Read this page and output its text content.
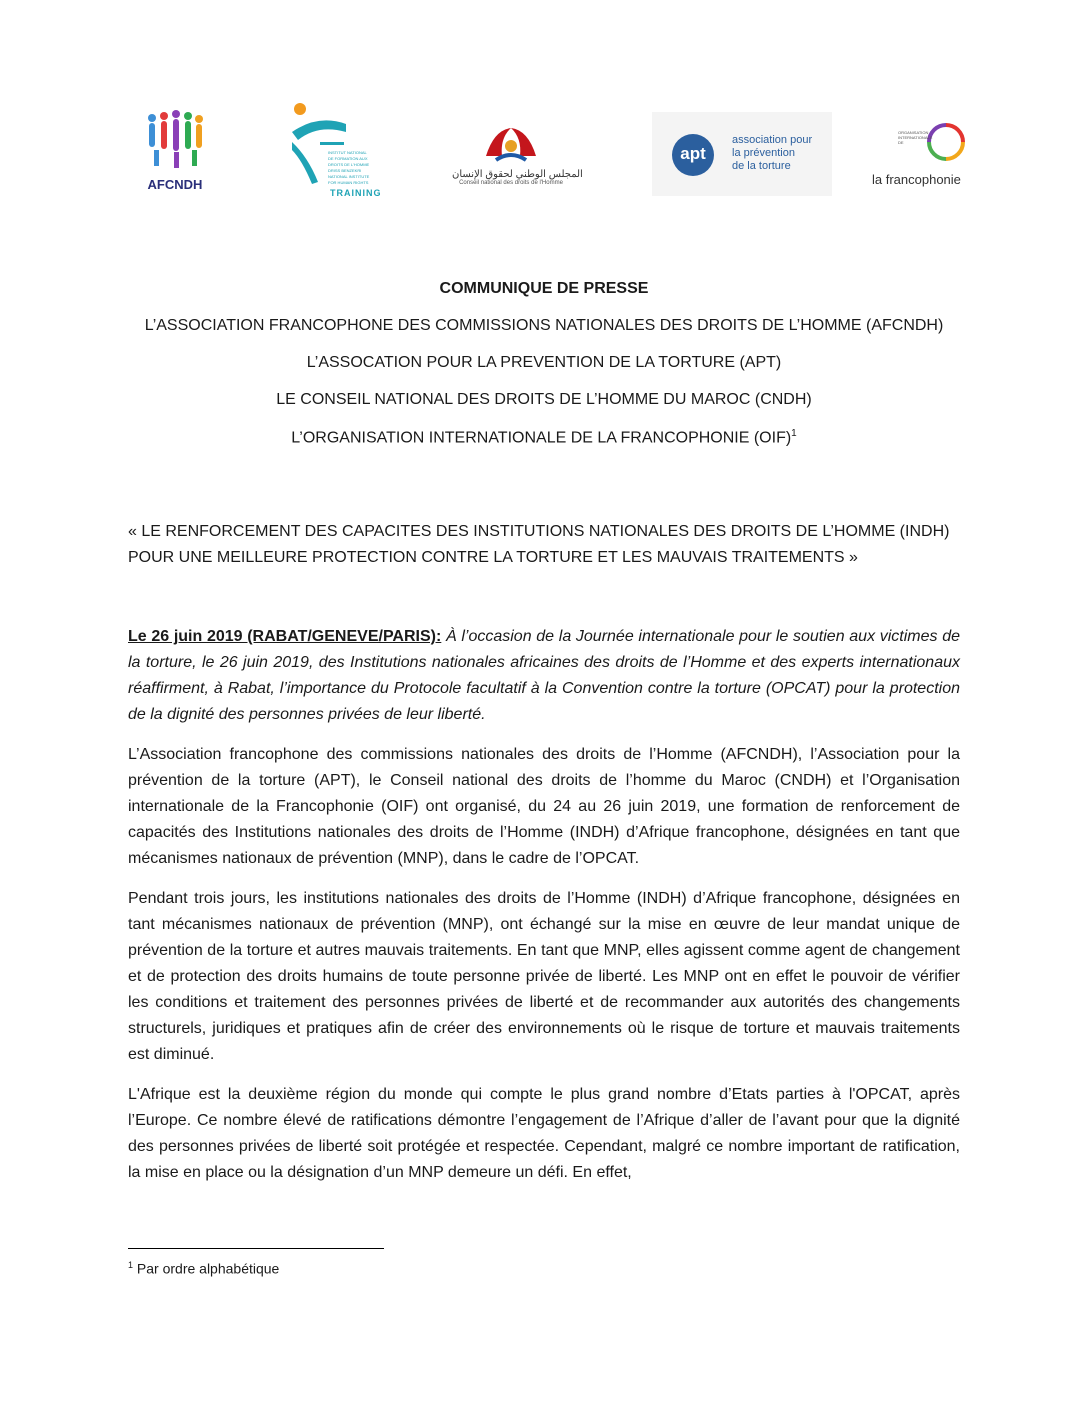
AFCNDH
INSTITUT NATIONAL
DE FORMATION AUX
DROITS DE L'HOMME
DRISS BENZEKRI
NATIONAL INSTITUTE
FOR HUMAN RIGHTS
TRAINING
المجلس الوطني لحقوق الإنسان
Conseil national des droits de l'Homme
apt
association pour
la prévention
de la torture
ORGANISATION INTERNATIONALE DE
la francophonie

COMMUNIQUE DE PRESSE

L’ASSOCIATION FRANCOPHONE DES COMMISSIONS NATIONALES DES DROITS DE L’HOMME (AFCNDH)

L’ASSOCATION POUR LA PREVENTION DE LA TORTURE (APT)

LE CONSEIL NATIONAL DES DROITS DE L’HOMME DU MAROC (CNDH)

L’ORGANISATION INTERNATIONALE DE LA FRANCOPHONIE (OIF)$^1$

« LE RENFORCEMENT DES CAPACITES DES INSTITUTIONS NATIONALES DES DROITS DE L’HOMME (INDH) POUR UNE MEILLEURE PROTECTION CONTRE LA TORTURE ET LES MAUVAIS TRAITEMENTS »

Le 26 juin 2019 (RABAT/GENEVE/PARIS): À l’occasion de la Journée internationale pour le soutien aux victimes de la torture, le 26 juin 2019, des Institutions nationales africaines des droits de l’Homme et des experts internationaux réaffirment, à Rabat, l’importance du Protocole facultatif à la Convention contre la torture (OPCAT) pour la protection de la dignité des personnes privées de leur liberté.

L’Association francophone des commissions nationales des droits de l’Homme (AFCNDH), l’Association pour la prévention de la torture (APT), le Conseil national des droits de l’homme du Maroc (CNDH) et l’Organisation internationale de la Francophonie (OIF) ont organisé, du 24 au 26 juin 2019, une formation de renforcement de capacités des Institutions nationales des droits de l’Homme (INDH) d’Afrique francophone, désignées en tant que mécanismes nationaux de prévention (MNP), dans le cadre de l’OPCAT.

Pendant trois jours, les institutions nationales des droits de l’Homme (INDH) d’Afrique francophone, désignées en tant mécanismes nationaux de prévention (MNP), ont échangé sur la mise en œuvre de leur mandat unique de prévention de la torture et autres mauvais traitements. En tant que MNP, elles agissent comme agent de changement et de protection des droits humains de toute personne privée de liberté. Les MNP ont en effet le pouvoir de vérifier les conditions et traitement des personnes privées de liberté et de recommander aux autorités des changements structurels, juridiques et pratiques afin de créer des environnements où le risque de torture et mauvais traitements est diminué.

L'Afrique est la deuxième région du monde qui compte le plus grand nombre d’Etats parties à l'OPCAT, après l’Europe. Ce nombre élevé de ratifications démontre l’engagement de l’Afrique d’aller de l’avant pour que la dignité des personnes privées de liberté soit protégée et respectée. Cependant, malgré ce nombre important de ratification, la mise en place ou la désignation d’un MNP demeure un défi. En effet,

$^1$ Par ordre alphabétique
